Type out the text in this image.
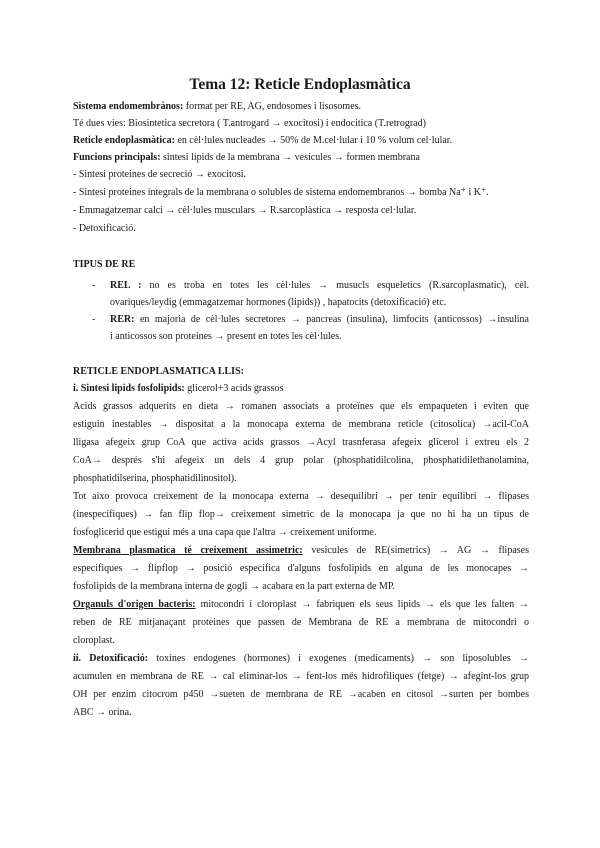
Tema 12: Reticle Endoplasmàtica
Sistema endomembrànos: format per RE, AG, endosomes i lisosomes.
Té dues vies: Biosintetica secretora ( T.antrogard → exocitosi) i endocitica (T.retrograd)
Reticle endoplasmàtica: en cèl·lules nucleades → 50% de M.cel·lular i 10 % volum cel·lular.
Funcions principals: sintesi lipids de la membrana → vesicules → formen membrana
- Sintesi proteines de secreció → exocitosi.
- Sintesi proteines integrals de la membrana o solubles de sistema endomembranos → bomba Na⁺ i K⁺.
- Emmagatzemar calci → cèl·lules musculars → R.sarcoplàstica → resposta cel·lular.
- Detoxificació.
TIPUS DE RE
- REL : no es troba en totes les cèl·lules → musucls esqueletics (R.sarcoplasmatic), cèl.
ovariques/leydig (emmagatzemar hormones (lipids)) , hapatocits (detoxificació) etc.
- RER: en majoria de cèl·lules secretores → pancreas (insulina), limfocits (anticossos) →insulina
i anticossos son proteines → present en totes les cèl·lules.
RETICLE ENDOPLASMATICA LLIS:
i. Sintesi lipids fosfolipids: glicerol+3 acids grassos
Acids grassos adquerits en dieta → romanen associats a proteïnes que els empaqueten i eviten que
estiguin inestables → dispositat a la monocapa externa de membrana reticle (citosolica) →acil-CoA
lligasa afegeix grup CoA que activa acids grassos →Acyl trasnferasa afegeix glicerol i extreu els 2
CoA→ després s'hi afegeix un dels 4 grup polar (phosphatidilcolina, phosphatidilethanolamina,
phosphatidilserina, phosphatidilinositol).
Tot aixo provoca creixement de la monocapa externa → desequilibri → per tenir equilibri → flipases
(inespecifiques) → fan flip flop→ creixement simetric de la monocapa ja que no hi ha un tipus de
fosfoglicerid que estigui més a una capa que l'altra → creixement uniforme.
Membrana plasmatica té creixement assimetric: vesicules de RE(simetrics) → AG → flipases
especifiques → flipflop → posició especifica d'alguns fosfolipids en alguna de les monocapes →
fosfolipids de la membrana interna de gogli → acabara en la part externa de MP.
Organuls d'origen bacteris: mitocondri i cloroplast → fabriquen els seus lipids → els que les falten →
reben de RE mitjanaçant proteines que passen de Membrana de RE a membrana de mitocondri o
cloroplast.
ii. Detoxificació: toxines endogenes (hormones) i exogenes (medicaments) → son liposolubles →
acumulen en membrana de RE → cal eliminar-los → fent-los més hidrofiliques (fetge) → afegint-los grup
OH per enzim citocrom p450 →sueten de membrana de RE →acaben en citosol →surten per bombes
ABC → orina.
